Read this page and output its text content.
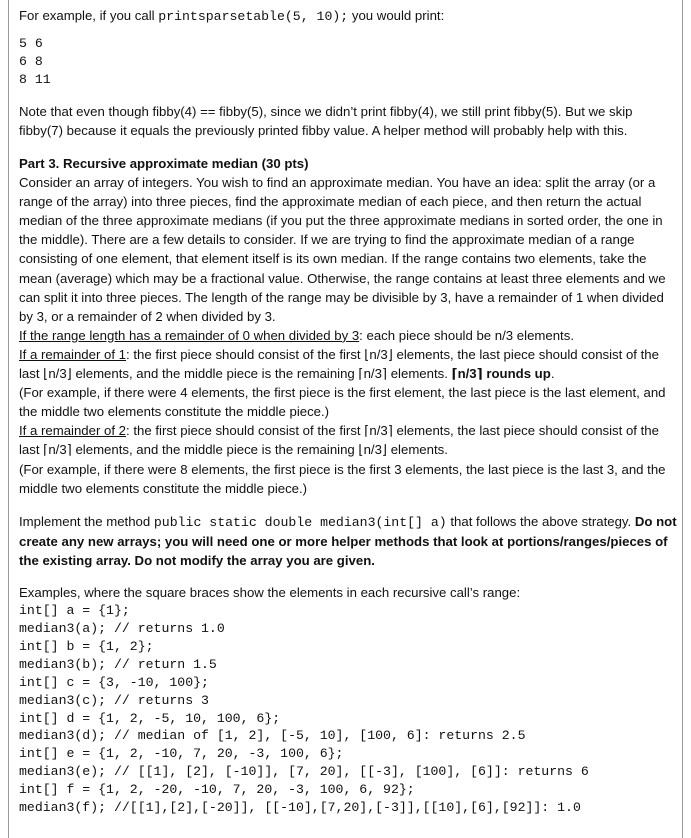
For example, if you call printsparsetable(5, 10); you would print:

5 6
6 8
8 11

Note that even though fibby(4) == fibby(5), since we didn’t print fibby(4), we still print fibby(5). But we skip fibby(7) because it equals the previously printed fibby value. A helper method will probably help with this.

Part 3. Recursive approximate median (30 pts)

Consider an array of integers. You wish to find an approximate median. You have an idea: split the array (or a range of the array) into three pieces, find the approximate median of each piece, and then return the actual median of the three approximate medians (if you put the three approximate medians in sorted order, the one in the middle). There are a few details to consider. If we are trying to find the approximate median of a range consisting of one element, that element itself is its own median. If the range contains two elements, take the mean (average) which may be a fractional value. Otherwise, the range contains at least three elements and we can split it into three pieces. The length of the range may be divisible by 3, have a remainder of 1 when divided by 3, or a remainder of 2 when divided by 3.

If the range length has a remainder of 0 when divided by 3: each piece should be n/3 elements.

If a remainder of 1: the first piece should consist of the first ⌊n/3⌋ elements, the last piece should consist of the last ⌊n/3⌋ elements, and the middle piece is the remaining ⌈n/3⌉ elements. ⌈n/3⌉ rounds up.

(For example, if there were 4 elements, the first piece is the first element, the last piece is the last element, and the middle two elements constitute the middle piece.)

If a remainder of 2: the first piece should consist of the first ⌈n/3⌉ elements, the last piece should consist of the last ⌈n/3⌉ elements, and the middle piece is the remaining ⌊n/3⌋ elements.

(For example, if there were 8 elements, the first piece is the first 3 elements, the last piece is the last 3, and the middle two elements constitute the middle piece.)

Implement the method public static double median3(int[] a) that follows the above strategy. Do not create any new arrays; you will need one or more helper methods that look at portions/ranges/pieces of the existing array. Do not modify the array you are given.

Examples, where the square braces show the elements in each recursive call’s range:

int[] a = {1};
median3(a); // returns 1.0
int[] b = {1, 2};
median3(b); // return 1.5
int[] c = {3, -10, 100};
median3(c); // returns 3
int[] d = {1, 2, -5, 10, 100, 6};
median3(d); // median of [1, 2], [-5, 10], [100, 6]: returns 2.5
int[] e = {1, 2, -10, 7, 20, -3, 100, 6};
median3(e); // [[1], [2], [-10]], [7, 20], [[-3], [100], [6]]: returns 6
int[] f = {1, 2, -20, -10, 7, 20, -3, 100, 6, 92};
median3(f); //[[1],[2],[-20]], [[-10],[7,20],[-3]],[[10],[6],[92]]: 1.0
